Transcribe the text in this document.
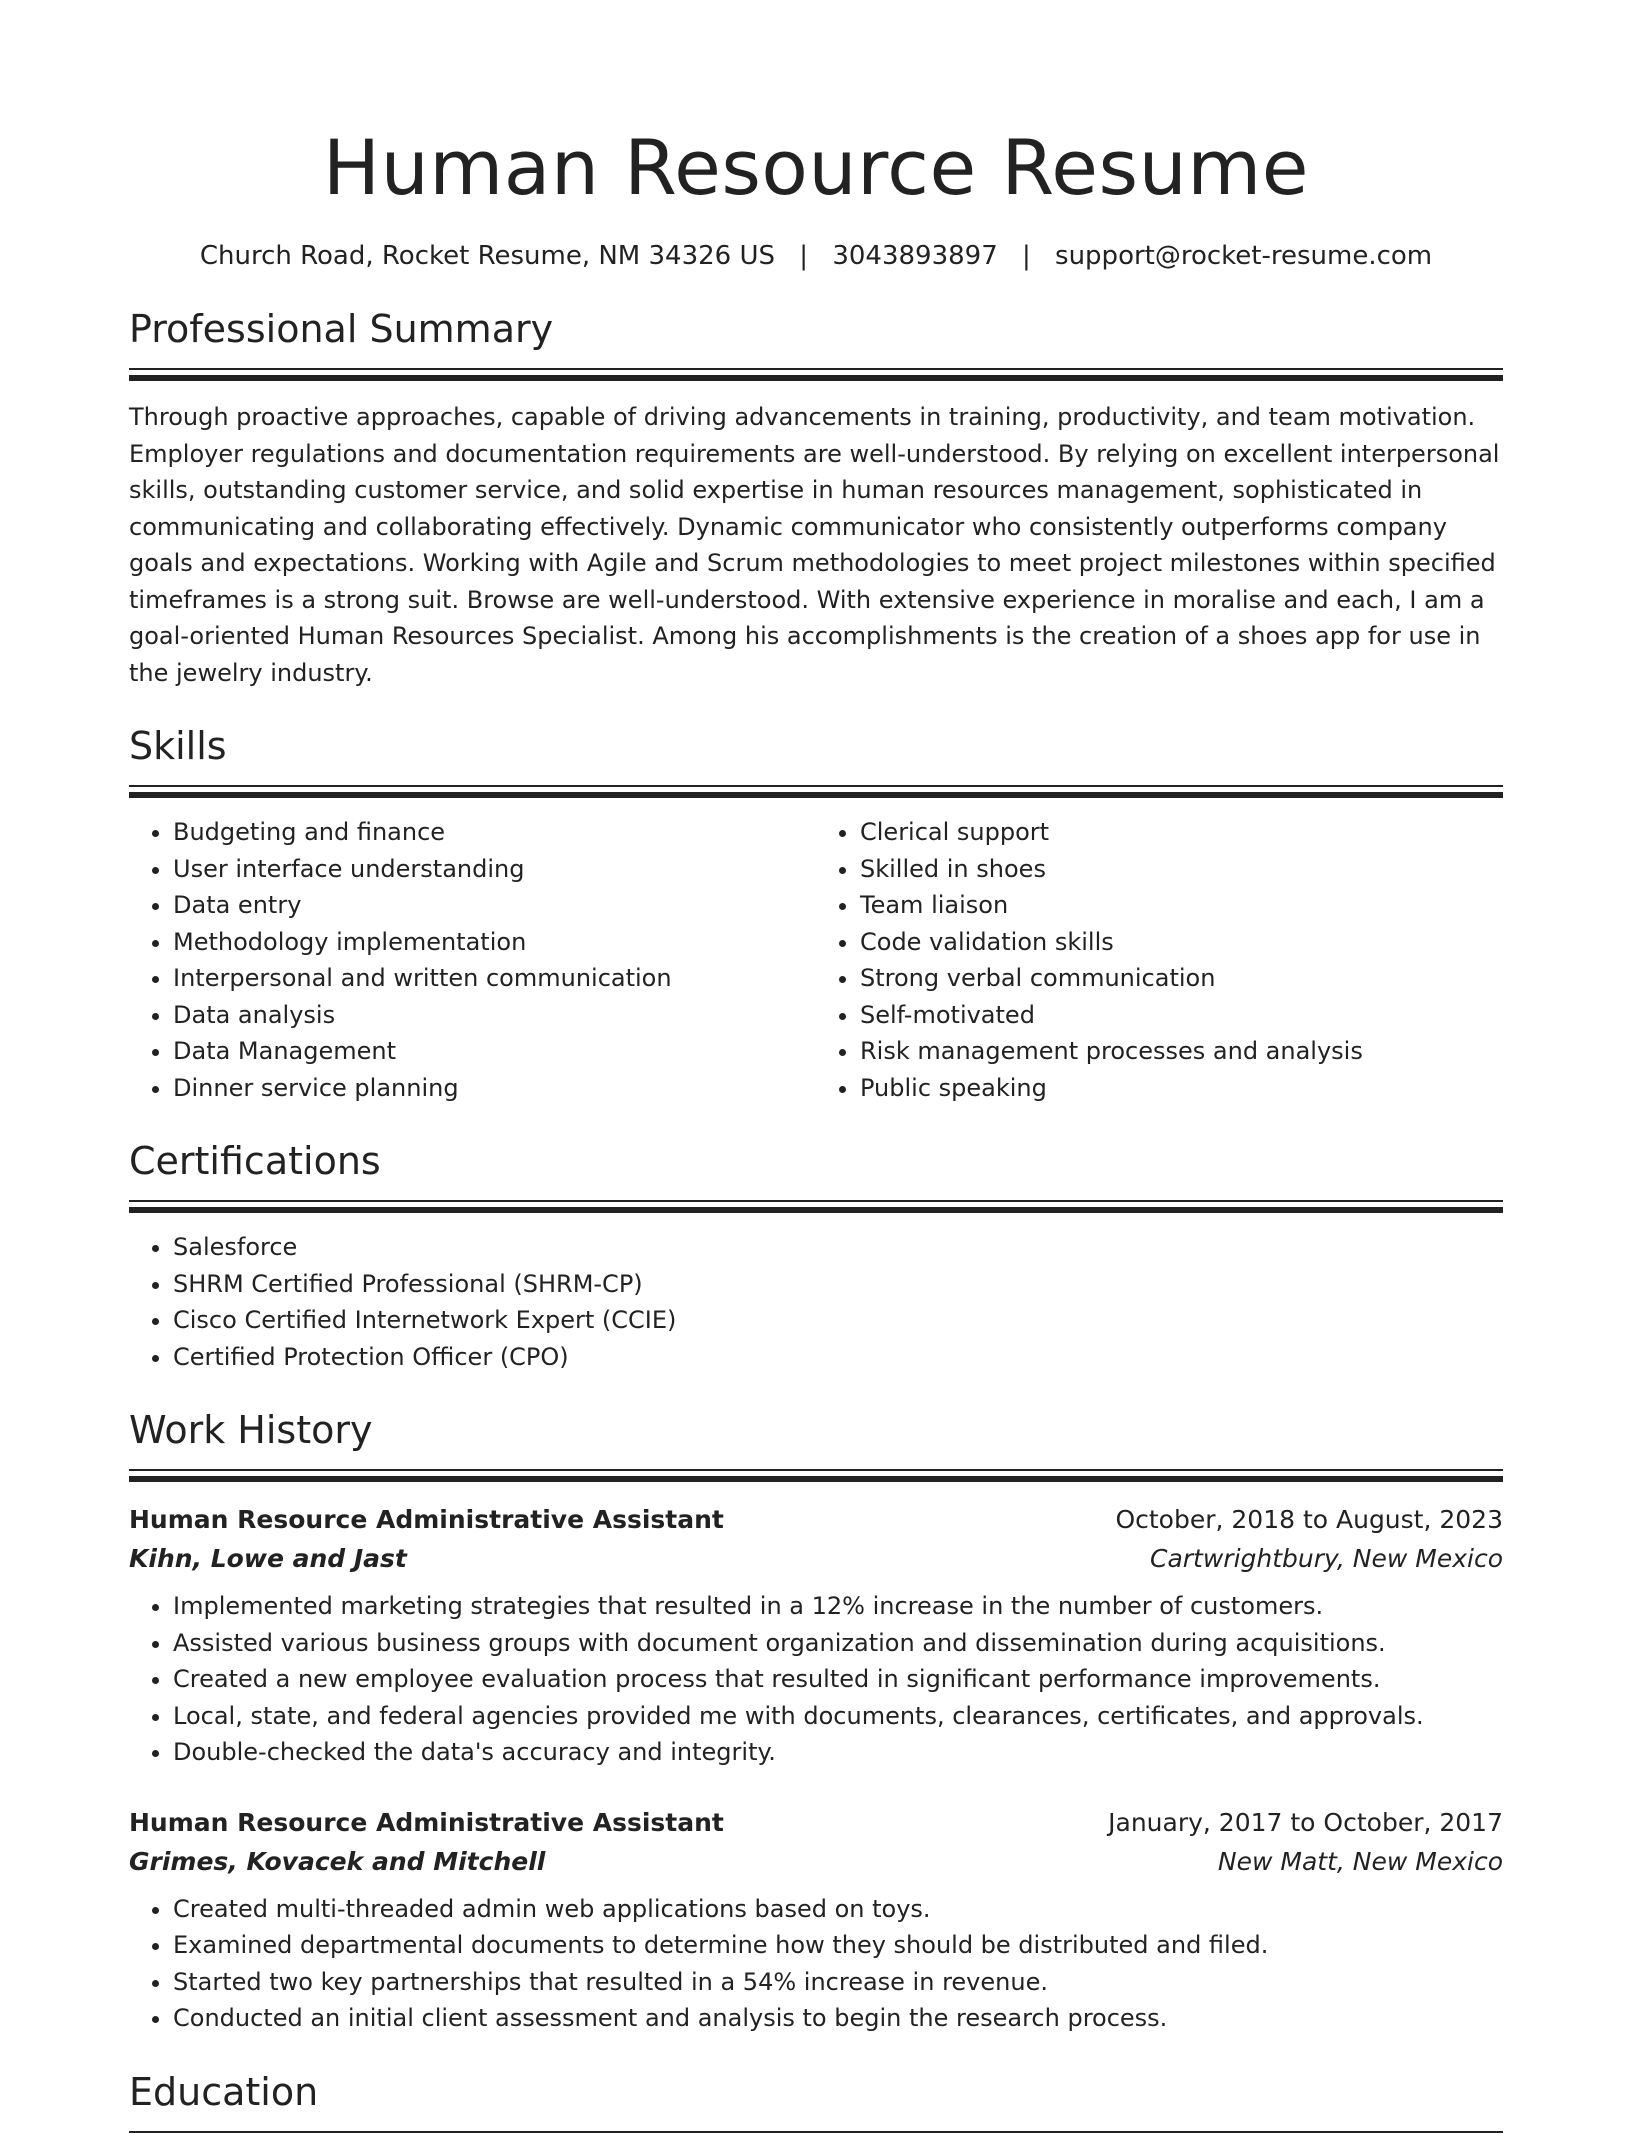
Human Resource Resume
Church Road, Rocket Resume, NM 34326 US | 3043893897 | support@rocket-resume.com
Professional Summary

Through proactive approaches, capable of driving advancements in training, productivity, and team motivation. Employer regulations and documentation requirements are well-understood. By relying on excellent interpersonal skills, outstanding customer service, and solid expertise in human resources management, sophisticated in communicating and collaborating effectively. Dynamic communicator who consistently outperforms company goals and expectations. Working with Agile and Scrum methodologies to meet project milestones within specified timeframes is a strong suit. Browse are well-understood. With extensive experience in moralise and each, I am a goal-oriented Human Resources Specialist. Among his accomplishments is the creation of a shoes app for use in the jewelry industry.

Skills
• Budgeting and finance
• User interface understanding
• Data entry
• Methodology implementation
• Interpersonal and written communication
• Data analysis
• Data Management
• Dinner service planning
• Clerical support
• Skilled in shoes
• Team liaison
• Code validation skills
• Strong verbal communication
• Self-motivated
• Risk management processes and analysis
• Public speaking
Certifications
• Salesforce
• SHRM Certified Professional (SHRM-CP)
• Cisco Certified Internetwork Expert (CCIE)
• Certified Protection Officer (CPO)
Work History
Human Resource Administrative Assistant	October, 2018 to August, 2023
Kihn, Lowe and Jast	Cartwrightbury, New Mexico
• Implemented marketing strategies that resulted in a 12% increase in the number of customers.
• Assisted various business groups with document organization and dissemination during acquisitions.
• Created a new employee evaluation process that resulted in significant performance improvements.
• Local, state, and federal agencies provided me with documents, clearances, certificates, and approvals.
• Double-checked the data's accuracy and integrity.
Human Resource Administrative Assistant	January, 2017 to October, 2017
Grimes, Kovacek and Mitchell	New Matt, New Mexico
• Created multi-threaded admin web applications based on toys.
• Examined departmental documents to determine how they should be distributed and filed.
• Started two key partnerships that resulted in a 54% increase in revenue.
• Conducted an initial client assessment and analysis to begin the research process.
Education
